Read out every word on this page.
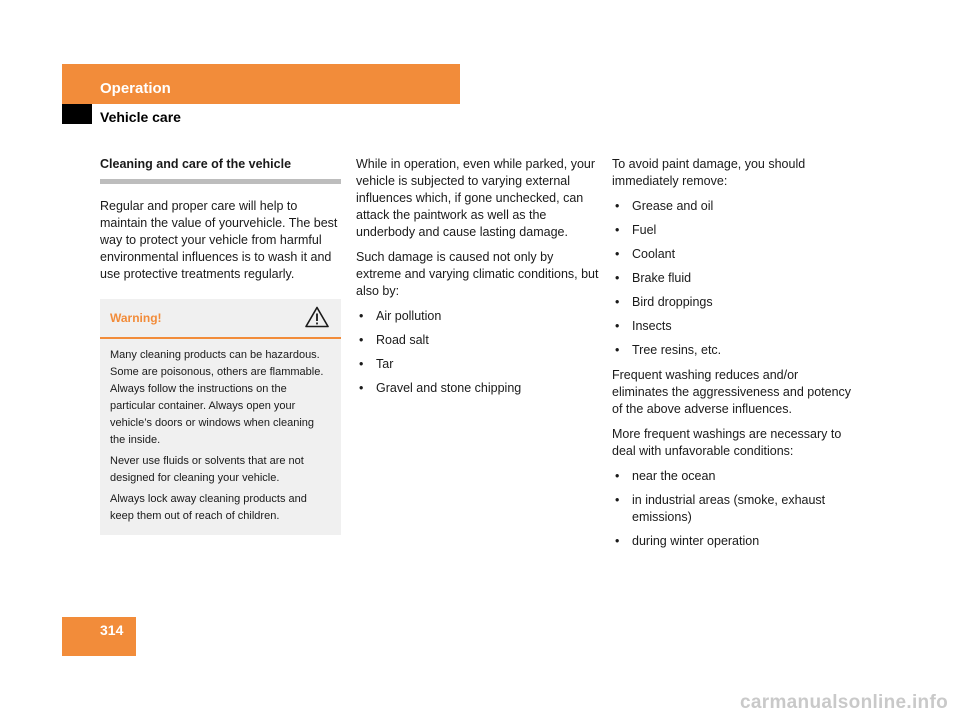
Operation
Vehicle care
Cleaning and care of the vehicle

Regular and proper care will help to maintain the value of yourvehicle. The best way to protect your vehicle from harmful environmental influences is to wash it and use protective treatments regularly.

Warning!

Many cleaning products can be hazardous. Some are poisonous, others are flammable. Always follow the instructions on the particular container. Always open your vehicle’s doors or windows when cleaning the inside.

Never use fluids or solvents that are not designed for cleaning your vehicle.

Always lock away cleaning products and keep them out of reach of children.

While in operation, even while parked, your vehicle is subjected to varying external influences which, if gone unchecked, can attack the paintwork as well as the underbody and cause lasting damage.

Such damage is caused not only by extreme and varying climatic conditions, but also by:

• Air pollution
• Road salt
• Tar
• Gravel and stone chipping

To avoid paint damage, you should immediately remove:

• Grease and oil
• Fuel
• Coolant
• Brake fluid
• Bird droppings
• Insects
• Tree resins, etc.

Frequent washing reduces and/or eliminates the aggressiveness and potency of the above adverse influences.

More frequent washings are necessary to deal with unfavorable conditions:

• near the ocean
• in industrial areas (smoke, exhaust emissions)
• during winter operation
314
carmanualsonline.info
